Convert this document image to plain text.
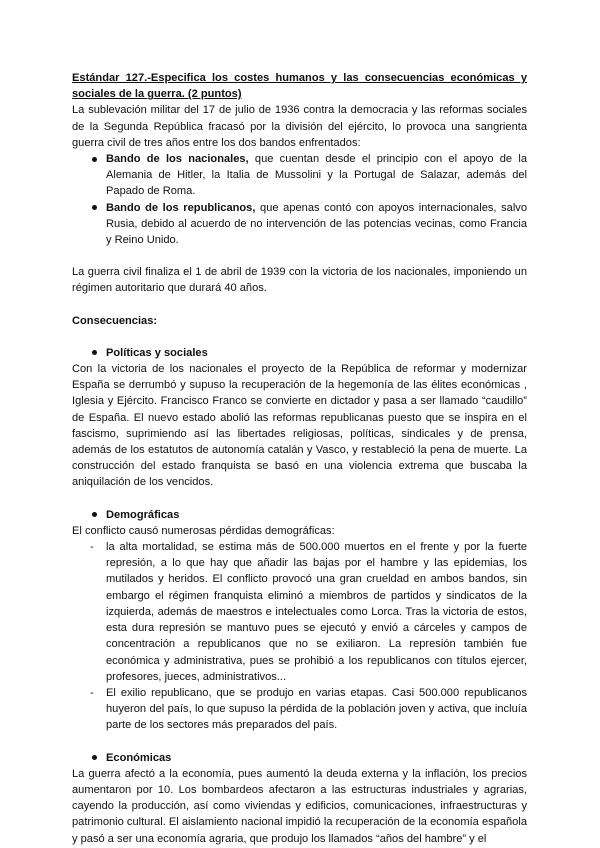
Estándar 127.-Especifica los costes humanos y las consecuencias económicas y sociales de la guerra. (2 puntos)

La sublevación militar del 17 de julio de 1936 contra la democracia y las reformas sociales de la Segunda República fracasó por la división del ejército, lo provoca una sangrienta guerra civil de tres años entre los dos bandos enfrentados:

Bando de los nacionales, que cuentan desde el principio con el apoyo de la Alemania de Hitler, la Italia de Mussolini y la Portugal de Salazar, además del Papado de Roma.
Bando de los republicanos, que apenas contó con apoyos internacionales, salvo Rusia, debido al acuerdo de no intervención de las potencias vecinas, como Francia y Reino Unido.

La guerra civil finaliza el 1 de abril de 1939 con la victoria de los nacionales, imponiendo un régimen autoritario que durará 40 años.

Consecuencias:

Políticas y sociales

Con la victoria de los nacionales el proyecto de la República de reformar y modernizar España se derrumbó y supuso la recuperación de la hegemonía de las élites económicas , Iglesia y Ejército. Francisco Franco se convierte en dictador y pasa a ser llamado “caudillo” de España. El nuevo estado abolió las reformas republicanas puesto que se inspira en el fascismo, suprimiendo así las libertades religiosas, políticas, sindicales y de prensa, además de los estatutos de autonomía catalán y Vasco, y restableció la pena de muerte. La construcción del estado franquista se basó en una violencia extrema que buscaba la aniquilación de los vencidos.

Demográficas

El conflicto causó numerosas pérdidas demográficas:

- la alta mortalidad, se estima más de 500.000 muertos en el frente y por la fuerte represión, a lo que hay que añadir las bajas por el hambre y las epidemias, los mutilados y heridos. El conflicto provocó una gran crueldad en ambos bandos, sin embargo el régimen franquista eliminó a miembros de partidos y sindicatos de la izquierda, además de maestros e intelectuales como Lorca. Tras la victoria de estos, esta dura represión se mantuvo pues se ejecutó y envió a cárceles y campos de concentración a republicanos que no se exiliaron. La represión también fue económica y administrativa, pues se prohibió a los republicanos con títulos ejercer, profesores, jueces, administrativos...
- El exilio republicano, que se produjo en varias etapas. Casi 500.000 republicanos huyeron del país, lo que supuso la pérdida de la población joven y activa, que incluía parte de los sectores más preparados del país.

Económicas

La guerra afectó a la economía, pues aumentó la deuda externa y la inflación, los precios aumentaron por 10. Los bombardeos afectaron a las estructuras industriales y agrarias, cayendo la producción, así como viviendas y edificios, comunicaciones, infraestructuras y patrimonio cultural. El aislamiento nacional impidió la recuperación de la economía española y pasó a ser una economía agraria, que produjo los llamados “años del hambre” y el
